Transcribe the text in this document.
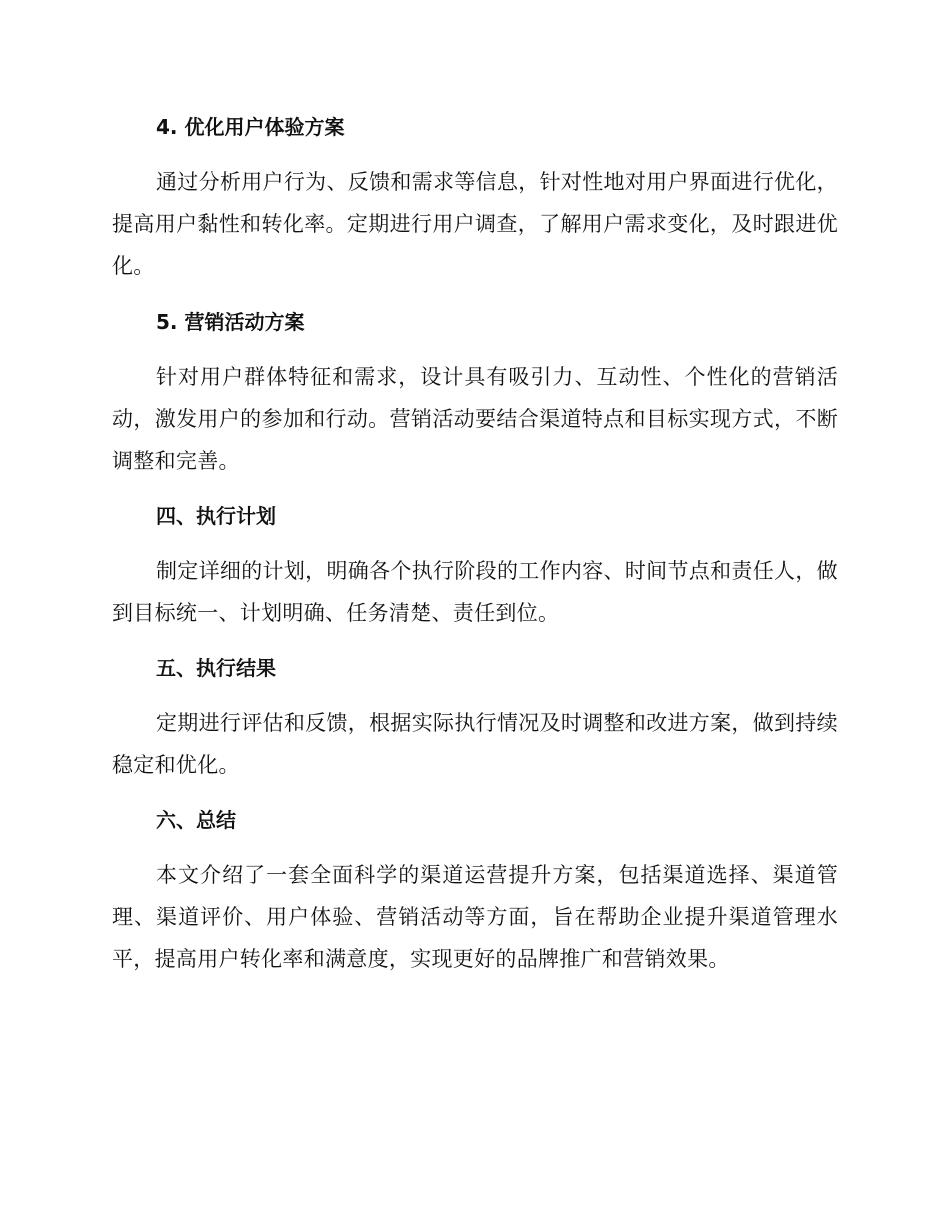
4. 优化用户体验方案
通过分析用户行为、反馈和需求等信息，针对性地对用户界面进行优化，提高用户黏性和转化率。定期进行用户调查，了解用户需求变化，及时跟进优化。
5. 营销活动方案
针对用户群体特征和需求，设计具有吸引力、互动性、个性化的营销活动，激发用户的参加和行动。营销活动要结合渠道特点和目标实现方式，不断调整和完善。
四、执行计划
制定详细的计划，明确各个执行阶段的工作内容、时间节点和责任人，做到目标统一、计划明确、任务清楚、责任到位。
五、执行结果
定期进行评估和反馈，根据实际执行情况及时调整和改进方案，做到持续稳定和优化。
六、总结
本文介绍了一套全面科学的渠道运营提升方案，包括渠道选择、渠道管理、渠道评价、用户体验、营销活动等方面，旨在帮助企业提升渠道管理水平，提高用户转化率和满意度，实现更好的品牌推广和营销效果。
